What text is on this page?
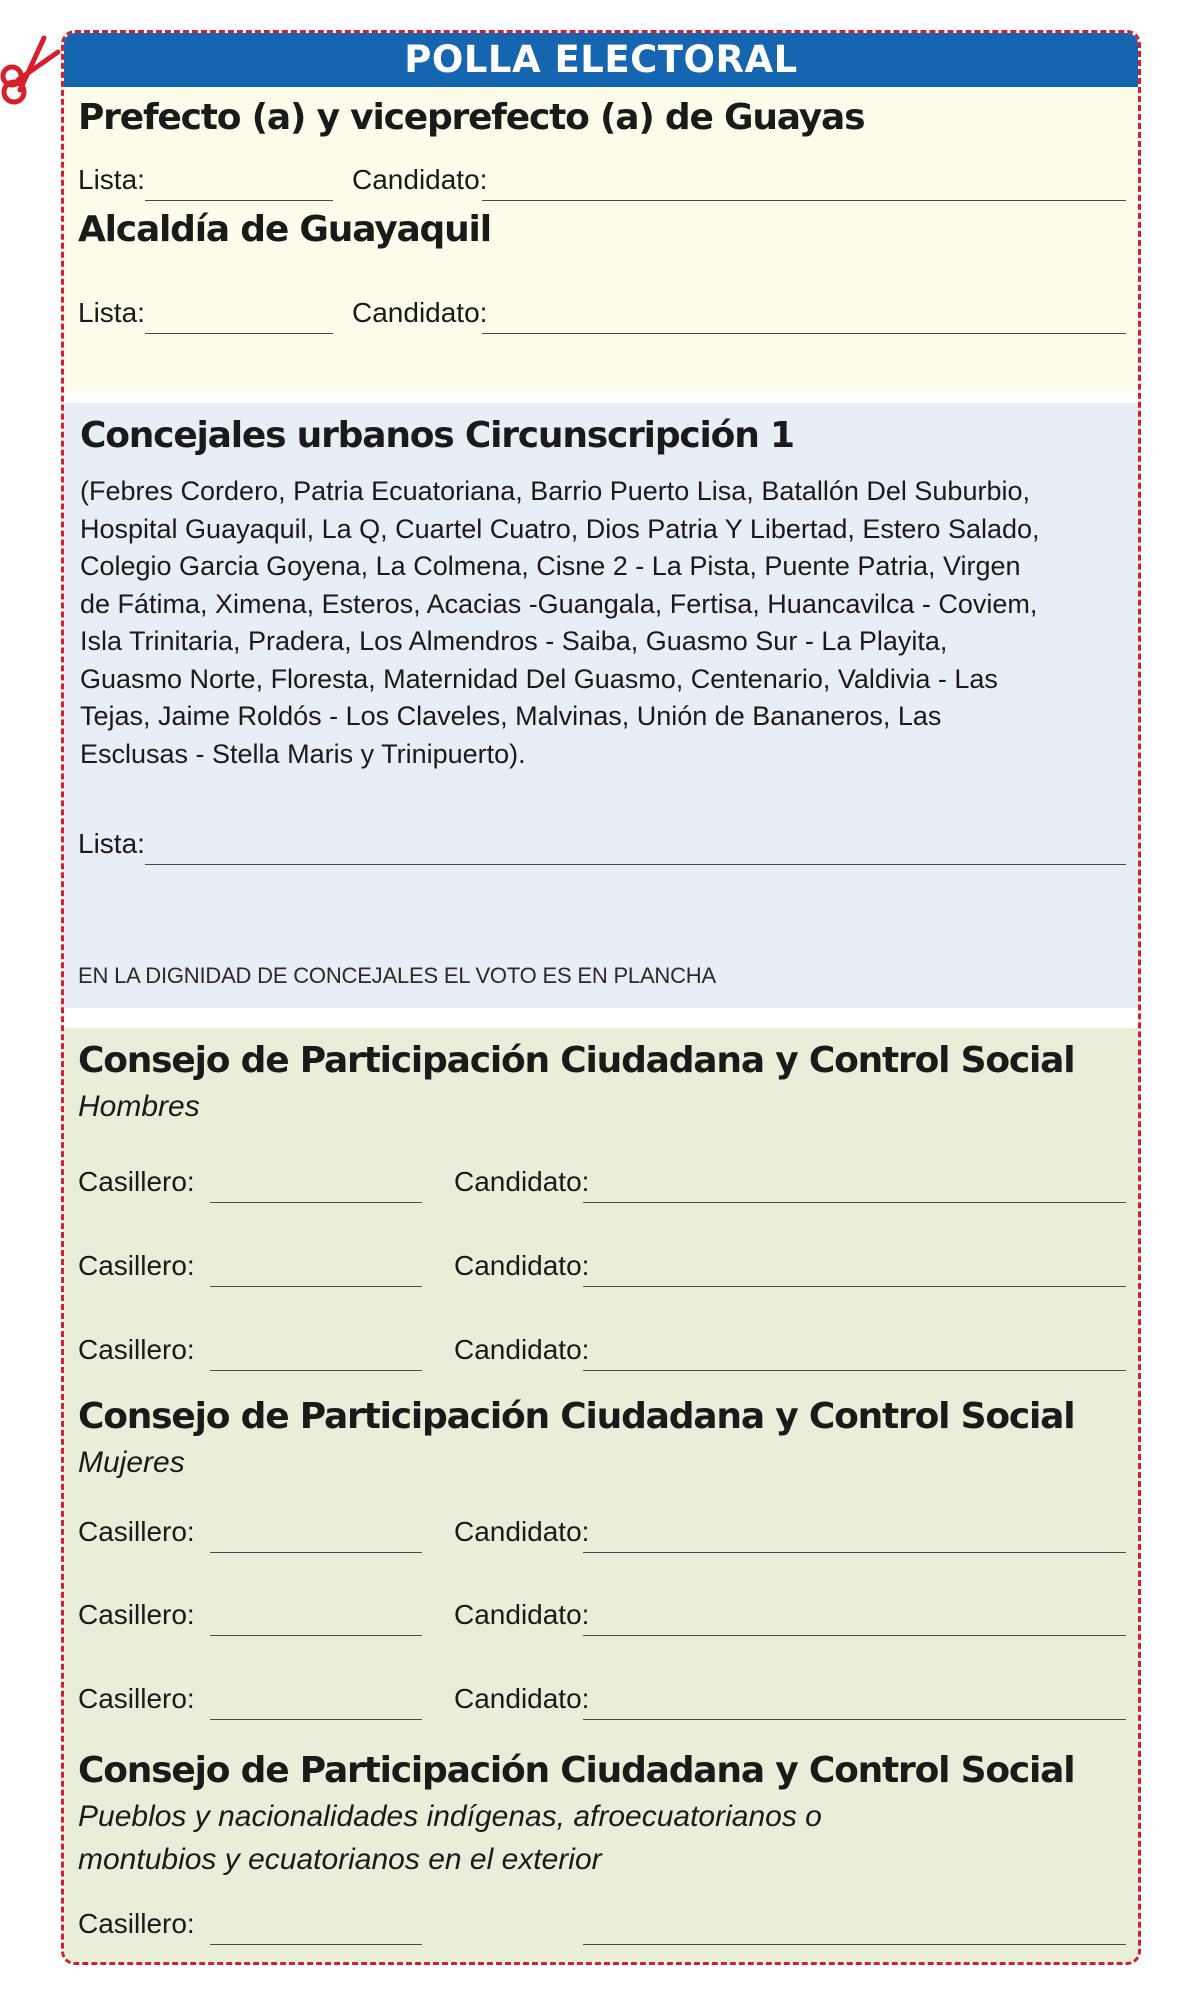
POLLA ELECTORAL
Prefecto (a) y viceprefecto (a) de Guayas
Lista:	Candidato:
Alcaldía de Guayaquil
Lista:	Candidato:
Concejales urbanos Circunscripción 1
(Febres Cordero, Patria Ecuatoriana, Barrio Puerto Lisa, Batallón Del Suburbio, Hospital Guayaquil, La Q, Cuartel Cuatro, Dios Patria Y Libertad, Estero Salado, Colegio Garcia Goyena, La Colmena, Cisne 2 - La Pista, Puente Patria, Virgen de Fátima, Ximena, Esteros, Acacias -Guangala, Fertisa, Huancavilca - Coviem, Isla Trinitaria, Pradera, Los Almendros - Saiba, Guasmo Sur - La Playita, Guasmo Norte, Floresta, Maternidad Del Guasmo, Centenario, Valdivia - Las Tejas, Jaime Roldós - Los Claveles, Malvinas, Unión de Bananeros, Las Esclusas - Stella Maris y Trinipuerto).
Lista:
EN LA DIGNIDAD DE CONCEJALES EL VOTO ES EN PLANCHA
Consejo de Participación Ciudadana y Control Social
Hombres
Casillero:	Candidato:
Casillero:	Candidato:
Casillero:	Candidato:
Consejo de Participación Ciudadana y Control Social
Mujeres
Casillero:	Candidato:
Casillero:	Candidato:
Casillero:	Candidato:
Consejo de Participación Ciudadana y Control Social
Pueblos y nacionalidades indígenas, afroecuatorianos o
montubios y ecuatorianos en el exterior
Casillero:
